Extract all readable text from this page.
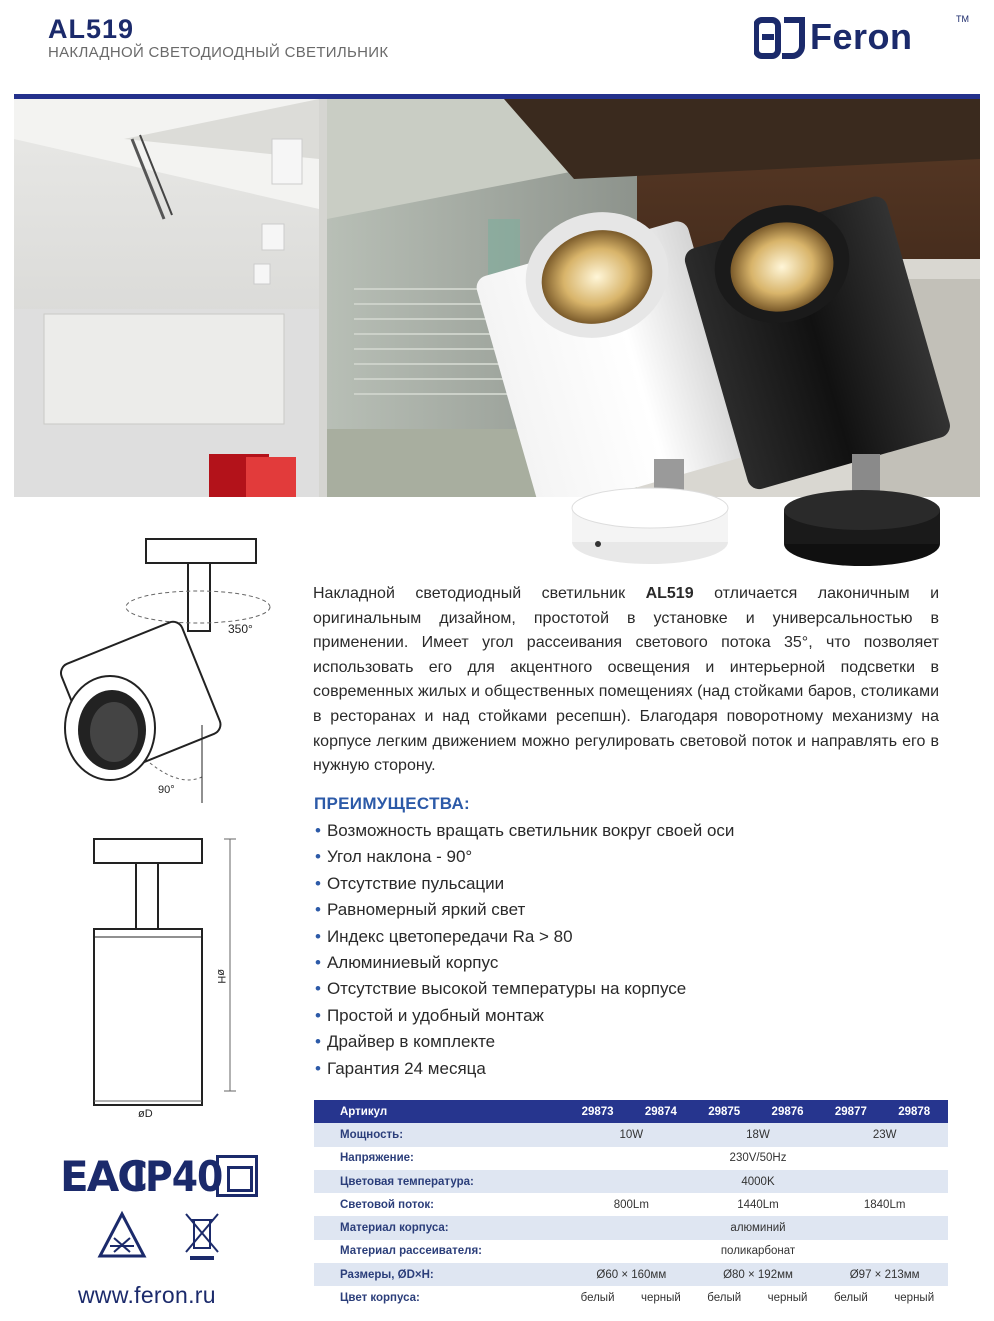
AL519
НАКЛАДНОЙ СВЕТОДИОДНЫЙ СВЕТИЛЬНИК	Feron	TM
350°
90°
øH
øD
Накладной светодиодный светильник AL519 отличается лаконичным и оригинальным дизайном, простотой в установке и универсальностью в применении. Имеет угол рассеивания светового потока 35°, что позволяет использовать его для акцентного освещения и интерьерной подсветки в современных жилых и общественных помещениях (над стойками баров, столиками в ресторанах и над стойками ресепшн). Благодаря поворотному механизму на корпусе легким движением можно регулировать световой поток и направлять его в нужную сторону.
ПРЕИМУЩЕСТВА:
• Возможность вращать светильник вокруг своей оси
• Угол наклона - 90°
• Отсутствие пульсации
• Равномерный яркий свет
• Индекс цветопередачи Ra > 80
• Алюминиевый корпус
• Отсутствие высокой температуры на корпусе
• Простой и удобный монтаж
• Драйвер в комплекте
• Гарантия 24 месяца
Артикул	29873	29874	29875	29876	29877	29878
Мощность:	10W		18W		23W	
Напряжение:	230V/50Hz					
Цветовая температура:	4000K					
Световой поток:	800Lm		1440Lm		1840Lm	
Материал корпуса:	алюминий					
Материал рассеивателя:	поликарбонат					
Размеры, ØD×H:	Ø60 × 160мм		Ø80 × 192мм		Ø97 × 213мм	
Цвет корпуса:	белый	черный	белый	черный	белый	черный
EAC
IP40
www.feron.ru
